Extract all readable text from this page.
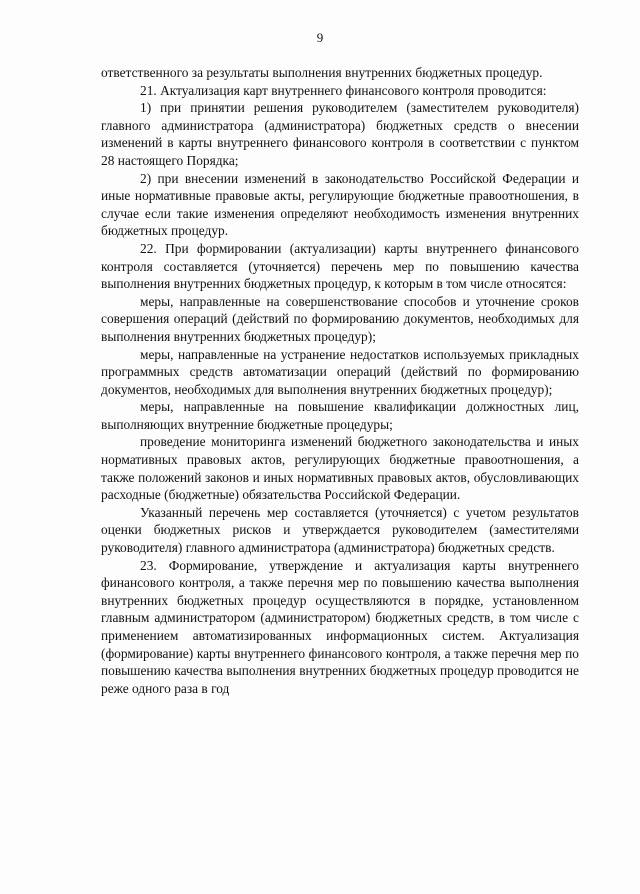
9

ответственного за результаты выполнения внутренних бюджетных процедур.

21. Актуализация карт внутреннего финансового контроля проводится:

1) при принятии решения руководителем (заместителем руководителя) главного администратора (администратора) бюджетных средств о внесении изменений в карты внутреннего финансового контроля в соответствии с пунктом 28 настоящего Порядка;

2) при внесении изменений в законодательство Российской Федерации и иные нормативные правовые акты, регулирующие бюджетные правоотношения, в случае если такие изменения определяют необходимость изменения внутренних бюджетных процедур.

22. При формировании (актуализации) карты внутреннего финансового контроля составляется (уточняется) перечень мер по повышению качества выполнения внутренних бюджетных процедур, к которым в том числе относятся:

меры, направленные на совершенствование способов и уточнение сроков совершения операций (действий по формированию документов, необходимых для выполнения внутренних бюджетных процедур);

меры, направленные на устранение недостатков используемых прикладных программных средств автоматизации операций (действий по формированию документов, необходимых для выполнения внутренних бюджетных процедур);

меры, направленные на повышение квалификации должностных лиц, выполняющих внутренние бюджетные процедуры;

проведение мониторинга изменений бюджетного законодательства и иных нормативных правовых актов, регулирующих бюджетные правоотношения, а также положений законов и иных нормативных правовых актов, обусловливающих расходные (бюджетные) обязательства Российской Федерации.

Указанный перечень мер составляется (уточняется) с учетом результатов оценки бюджетных рисков и утверждается руководителем (заместителями руководителя) главного администратора (администратора) бюджетных средств.

23. Формирование, утверждение и актуализация карты внутреннего финансового контроля, а также перечня мер по повышению качества выполнения внутренних бюджетных процедур осуществляются в порядке, установленном главным администратором (администратором) бюджетных средств, в том числе с применением автоматизированных информационных систем. Актуализация (формирование) карты внутреннего финансового контроля, а также перечня мер по повышению качества выполнения внутренних бюджетных процедур проводится не реже одного раза в год
